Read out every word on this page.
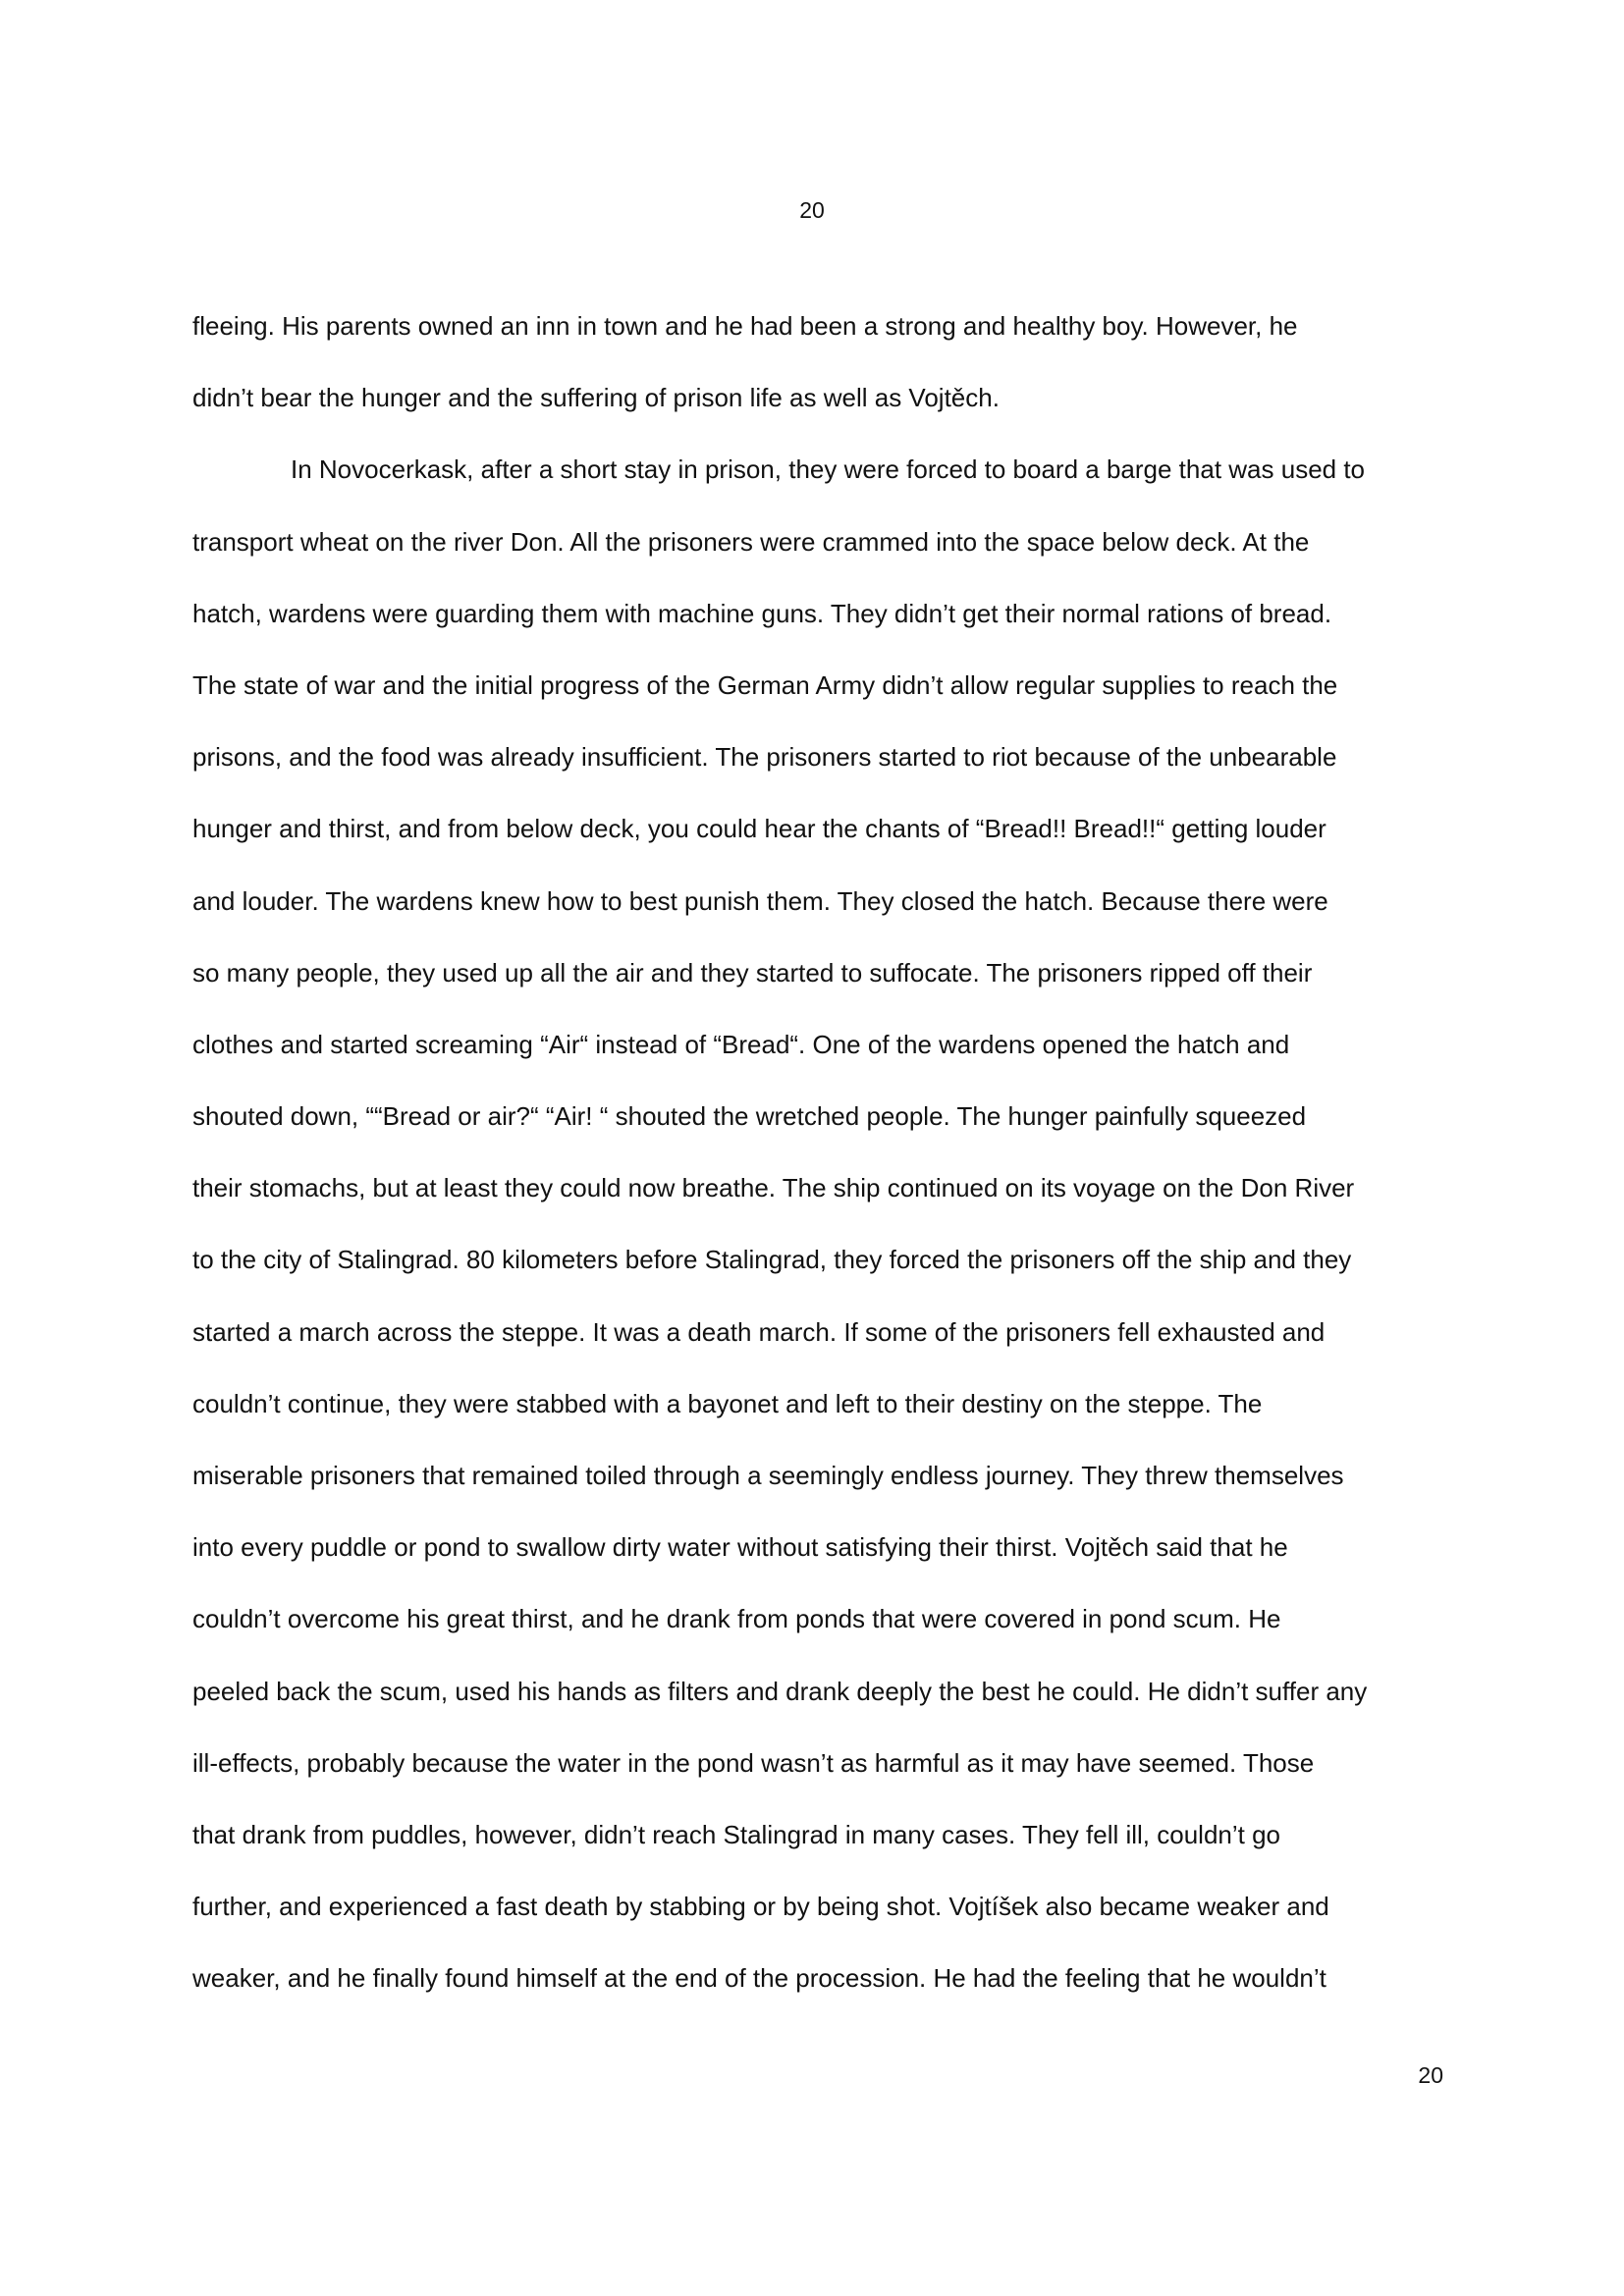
20
fleeing. His parents owned an inn in town and he had been a strong and healthy boy. However, he
didn’t bear the hunger and the suffering of prison life as well as Vojtěch.
In Novocerkask, after a short stay in prison, they were forced to board a barge that was used to
transport wheat on the river Don. All the prisoners were crammed into the space below deck. At the
hatch, wardens were guarding them with machine guns. They didn’t get their normal rations of bread.
The state of war and the initial progress of the German Army didn’t allow regular supplies to reach the
prisons, and the food was already insufficient. The prisoners started to riot because of the unbearable
hunger and thirst, and from below deck, you could hear the chants of “Bread!! Bread!!“ getting louder
and louder. The wardens knew how to best punish them. They closed the hatch. Because there were
so many people, they used up all the air and they started to suffocate. The prisoners ripped off their
clothes and started screaming “Air“ instead of “Bread“. One of the wardens opened the hatch and
shouted down, ““Bread or air?“ “Air! “ shouted the wretched people. The hunger painfully squeezed
their stomachs, but at least they could now breathe. The ship continued on its voyage on the Don River
to the city of Stalingrad. 80 kilometers before Stalingrad, they forced the prisoners off the ship and they
started a march across the steppe. It was a death march. If some of the prisoners fell exhausted and
couldn’t continue, they were stabbed with a bayonet and left to their destiny on the steppe. The
miserable prisoners that remained toiled through a seemingly endless journey. They threw themselves
into every puddle or pond to swallow dirty water without satisfying their thirst. Vojtěch said that he
couldn’t overcome his great thirst, and he drank from ponds that were covered in pond scum. He
peeled back the scum, used his hands as filters and drank deeply the best he could. He didn’t suffer any
ill-effects, probably because the water in the pond wasn’t as harmful as it may have seemed. Those
that drank from puddles, however, didn’t reach Stalingrad in many cases. They fell ill, couldn’t go
further, and experienced a fast death by stabbing or by being shot. Vojtíšek also became weaker and
weaker, and he finally found himself at the end of the procession. He had the feeling that he wouldn’t
20
